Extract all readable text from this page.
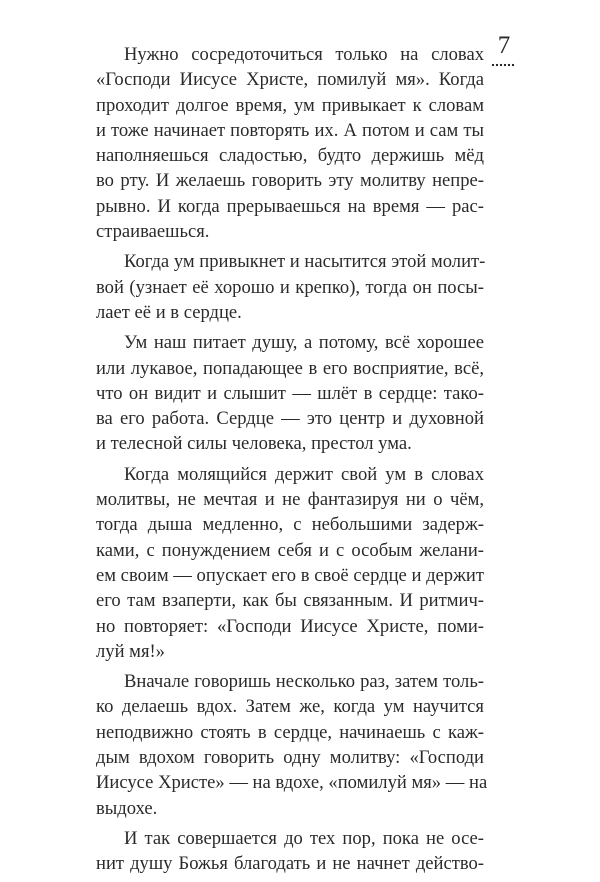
7

Нужно сосредоточиться только на словах
«Господи Иисусе Христе, помилуй мя». Когда
проходит долгое время, ум привыкает к словам
и тоже начинает повторять их. А потом и сам ты
наполняешься сладостью, будто держишь мёд
во рту. И желаешь говорить эту молитву непре-
рывно. И когда прерываешься на время — рас-
страиваешься.

Когда ум привыкнет и насытится этой молит-
вой (узнает её хорошо и крепко), тогда он посы-
лает её и в сердце.

Ум наш питает душу, а потому, всё хорошее
или лукавое, попадающее в его восприятие, всё,
что он видит и слышит — шлёт в сердце: тако-
ва его работа. Сердце — это центр и духовной
и телесной силы человека, престол ума.

Когда молящийся держит свой ум в словах
молитвы, не мечтая и не фантазируя ни о чём,
тогда дыша медленно, с небольшими задерж-
ками, с понуждением себя и с особым желани-
ем своим — опускает его в своё сердце и держит
его там взаперти, как бы связанным. И ритмич-
но повторяет: «Господи Иисусе Христе, поми-
луй мя!»

Вначале говоришь несколько раз, затем толь-
ко делаешь вдох. Затем же, когда ум научится
неподвижно стоять в сердце, начинаешь с каж-
дым вдохом говорить одну молитву: «Господи
Иисусе Христе» — на вдохе, «помилуй мя» — на
выдохе.

И так совершается до тех пор, пока не осе-
нит душу Божья благодать и не начнет действо-
